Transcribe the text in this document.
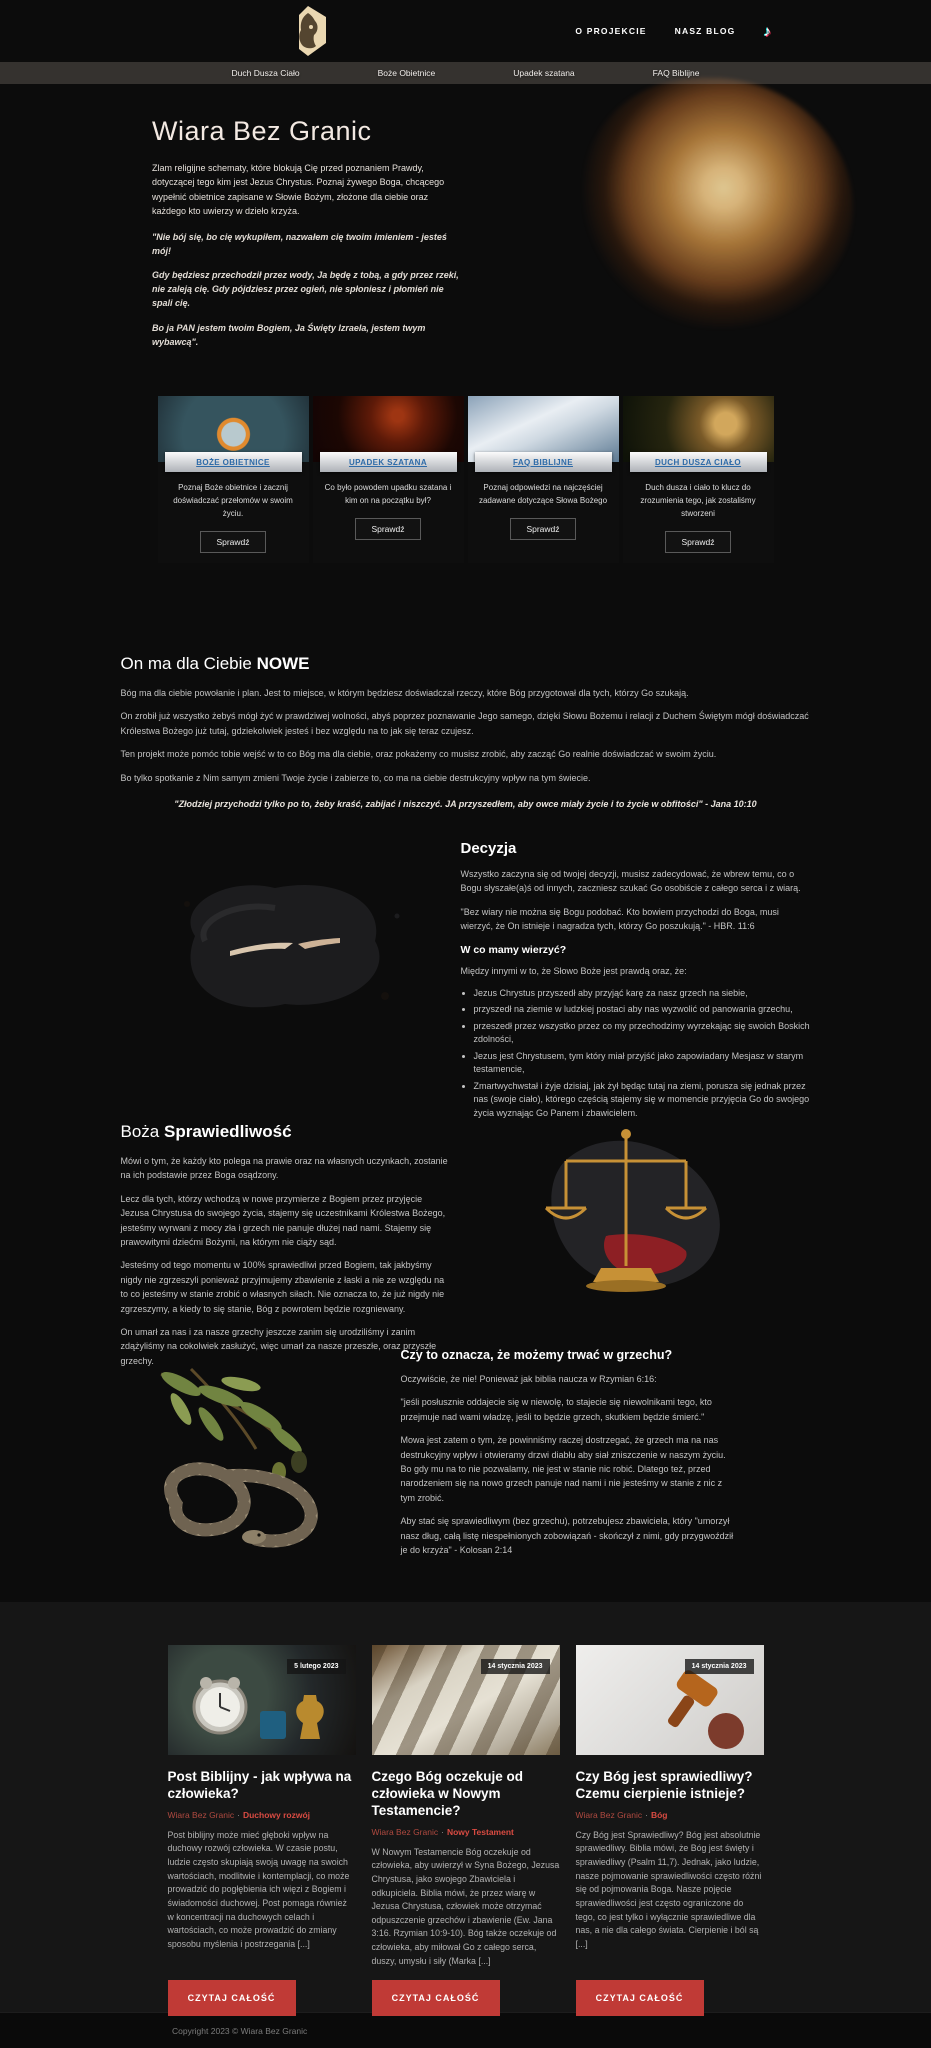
O PROJEKCIE	NASZ BLOG ♪
Duch Dusza Ciało	Boże Obietnice	Upadek szatana	FAQ Biblijne
Wiara Bez Granic

Zlam religijne schematy, które blokują Cię przed poznaniem Prawdy, dotyczącej tego kim jest Jezus Chrystus. Poznaj żywego Boga, chcącego wypełnić obietnice zapisane w Słowie Bożym, złożone dla ciebie oraz każdego kto uwierzy w dzieło krzyża.

"Nie bój się, bo cię wykupiłem, nazwałem cię twoim imieniem - jesteś mój!

Gdy będziesz przechodził przez wody, Ja będę z tobą, a gdy przez rzeki, nie zaleją cię. Gdy pójdziesz przez ogień, nie spłoniesz i płomień nie spali cię.

Bo ja PAN jestem twoim Bogiem, Ja Święty Izraela, jestem twym wybawcą".

BOŻE OBIETNICE

Poznaj Boże obietnice i zacznij doświadczać przełomów w swoim życiu.

Sprawdź
UPADEK SZATANA

Co było powodem upadku szatana i kim on na początku był?

Sprawdź
FAQ BIBLIJNE

Poznaj odpowiedzi na najczęściej zadawane dotyczące Słowa Bożego

Sprawdź
DUCH DUSZA CIAŁO

Duch dusza i ciało to klucz do zrozumienia tego, jak zostaliśmy stworzeni

Sprawdź
On ma dla Ciebie NOWE

Bóg ma dla ciebie powołanie i plan. Jest to miejsce, w którym będziesz doświadczał rzeczy, które Bóg przygotował dla tych, którzy Go szukają.

On zrobił już wszystko żebyś mógł żyć w prawdziwej wolności, abyś poprzez poznawanie Jego samego, dzięki Słowu Bożemu i relacji z Duchem Świętym mógł doświadczać Królestwa Bożego już tutaj, gdziekolwiek jesteś i bez względu na to jak się teraz czujesz.

Ten projekt może pomóc tobie wejść w to co Bóg ma dla ciebie, oraz pokażemy co musisz zrobić, aby zacząć Go realnie doświadczać w swoim życiu.

Bo tylko spotkanie z Nim samym zmieni Twoje życie i zabierze to, co ma na ciebie destrukcyjny wpływ na tym świecie.

"Złodziej przychodzi tylko po to, żeby kraść, zabijać i niszczyć. JA przyszedłem, aby owce miały życie i to życie w obfitości" - Jana 10:10

Decyzja

Wszystko zaczyna się od twojej decyzji, musisz zadecydować, że wbrew temu, co o Bogu słyszałe(a)ś od innych, zaczniesz szukać Go osobiście z całego serca i z wiarą.

"Bez wiary nie można się Bogu podobać. Kto bowiem przychodzi do Boga, musi wierzyć, że On istnieje i nagradza tych, którzy Go poszukują." - HBR. 11:6

W co mamy wierzyć?

Między innymi w to, że Słowo Boże jest prawdą oraz, że:

• Jezus Chrystus przyszedł aby przyjąć karę za nasz grzech na siebie,
• przyszedł na ziemie w ludzkiej postaci aby nas wyzwolić od panowania grzechu,
• przeszedł przez wszystko przez co my przechodzimy wyrzekając się swoich Boskich zdolności,
• Jezus jest Chrystusem, tym który miał przyjść jako zapowiadany Mesjasz w starym testamencie,
• Zmartwychwstał i żyje dzisiaj, jak żył będąc tutaj na ziemi, porusza się jednak przez nas (swoje ciało), którego częścią stajemy się w momencie przyjęcia Go do swojego życia wyznając Go Panem i zbawicielem.
Boża Sprawiedliwość

Mówi o tym, że każdy kto polega na prawie oraz na własnych uczynkach, zostanie na ich podstawie przez Boga osądzony.

Lecz dla tych, którzy wchodzą w nowe przymierze z Bogiem przez przyjęcie Jezusa Chrystusa do swojego życia, stajemy się uczestnikami Królestwa Bożego, jesteśmy wyrwani z mocy zła i grzech nie panuje dłużej nad nami. Stajemy się prawowitymi dziećmi Bożymi, na którym nie ciąży sąd.

Jesteśmy od tego momentu w 100% sprawiedliwi przed Bogiem, tak jakbyśmy nigdy nie zgrzeszyli ponieważ przyjmujemy zbawienie z łaski a nie ze względu na to co jesteśmy w stanie zrobić o własnych siłach. Nie oznacza to, że już nigdy nie zgrzeszymy, a kiedy to się stanie, Bóg z powrotem będzie rozgniewany.

On umarł za nas i za nasze grzechy jeszcze zanim się urodziliśmy i zanim zdążyliśmy na cokolwiek zasłużyć, więc umarł za nasze przeszłe, oraz przyszłe grzechy.	Czy to oznacza, że możemy trwać w grzechu?

Oczywiście, że nie! Ponieważ jak biblia naucza w Rzymian 6:16:

"jeśli posłusznie oddajecie się w niewolę, to stajecie się niewolnikami tego, kto przejmuje nad wami władzę, jeśli to będzie grzech, skutkiem będzie śmierć."

Mowa jest zatem o tym, że powinniśmy raczej dostrzegać, że grzech ma na nas destrukcyjny wpływ i otwieramy drzwi diabłu aby siał zniszczenie w naszym życiu. Bo gdy mu na to nie pozwalamy, nie jest w stanie nic robić. Dlatego też, przed narodzeniem się na nowo grzech panuje nad nami i nie jesteśmy w stanie z nic z tym zrobić.

Aby stać się sprawiedliwym (bez grzechu), potrzebujesz zbawiciela, który "umorzył nasz dług, całą listę niespełnionych zobowiązań - skończył z nimi, gdy przygwoździł je do krzyża" - Kolosan 2:14

5 lutego 2023
Post Biblijny - jak wpływa na człowieka?
Wiara Bez Granic · Duchowy rozwój

Post biblijny może mieć głęboki wpływ na duchowy rozwój człowieka. W czasie postu, ludzie często skupiają swoją uwagę na swoich wartościach, modlitwie i kontemplacji, co może prowadzić do pogłębienia ich więzi z Bogiem i świadomości duchowej. Post pomaga również w koncentracji na duchowych celach i wartościach, co może prowadzić do zmiany sposobu myślenia i postrzegania [...]

CZYTAJ CAŁOŚĆ
14 stycznia 2023
Czego Bóg oczekuje od człowieka w Nowym Testamencie?
Wiara Bez Granic · Nowy Testament

W Nowym Testamencie Bóg oczekuje od człowieka, aby uwierzył w Syna Bożego, Jezusa Chrystusa, jako swojego Zbawiciela i odkupiciela. Biblia mówi, że przez wiarę w Jezusa Chrystusa, człowiek może otrzymać odpuszczenie grzechów i zbawienie (Ew. Jana 3:16. Rzymian 10:9-10). Bóg także oczekuje od człowieka, aby miłował Go z całego serca, duszy, umysłu i siły (Marka [...]

CZYTAJ CAŁOŚĆ
14 stycznia 2023
Czy Bóg jest sprawiedliwy? Czemu cierpienie istnieje?
Wiara Bez Granic · Bóg

Czy Bóg jest Sprawiedliwy? Bóg jest absolutnie sprawiedliwy. Biblia mówi, że Bóg jest święty i sprawiedliwy (Psalm 11,7). Jednak, jako ludzie, nasze pojmowanie sprawiedliwości często różni się od pojmowania Boga. Nasze pojęcie sprawiedliwości jest często ograniczone do tego, co jest tylko i wyłącznie sprawiedliwe dla nas, a nie dla całego świata. Cierpienie i ból są [...]

CZYTAJ CAŁOŚĆ
Copyright 2023 © Wiara Bez Granic
